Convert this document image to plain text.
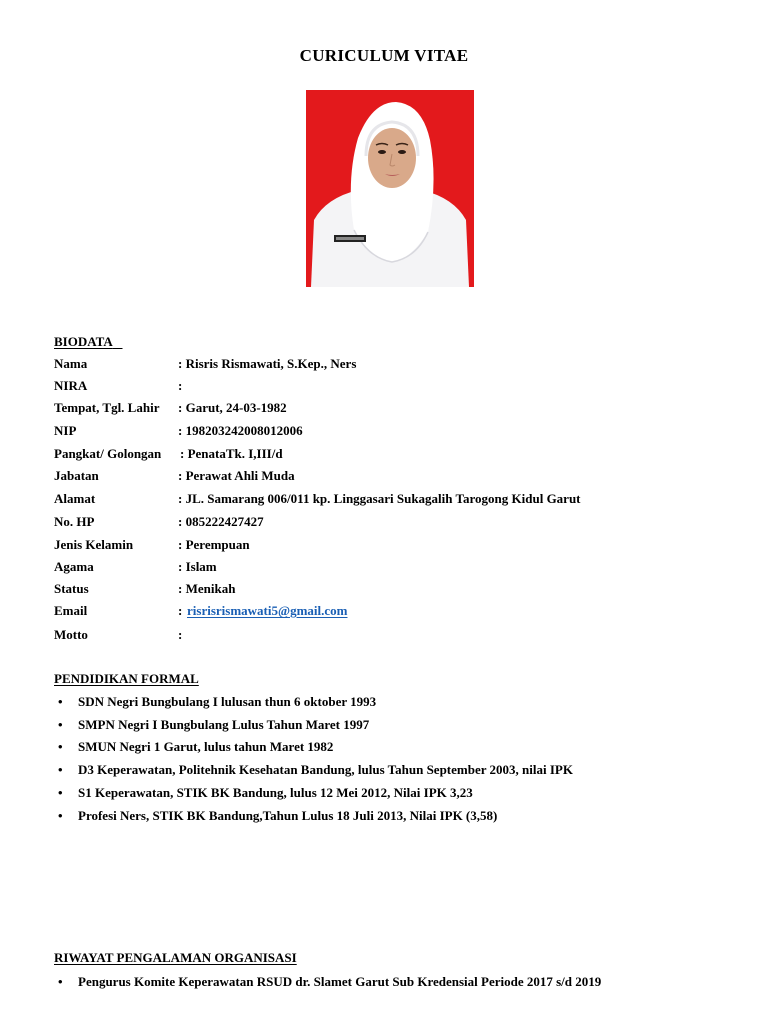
CURICULUM VITAE
BIODATA
Nama	: Risris Rismawati, S.Kep., Ners
NIRA	:
Tempat, Tgl. Lahir : Garut, 24-03-1982
NIP	: 198203242008012006
Pangkat/ Golongan : PenataTk. I,III/d
Jabatan	: Perawat Ahli Muda
Alamat	: JL. Samarang 006/011 kp. Linggasari Sukagalih Tarogong Kidul Garut
No. HP	: 085222427427
Jenis Kelamin	: Perempuan
Agama	: Islam
Status	: Menikah
Email	: risrisrismawati5@gmail.com
Motto	:
PENDIDIKAN FORMAL
• SDN Negri Bungbulang I lulusan thun 6 oktober 1993
• SMPN Negri I Bungbulang Lulus Tahun Maret 1997
• SMUN Negri 1 Garut, lulus tahun Maret 1982
• D3 Keperawatan, Politehnik Kesehatan Bandung, lulus Tahun September 2003, nilai IPK
• S1 Keperawatan, STIK BK Bandung, lulus 12 Mei 2012, Nilai IPK 3,23
• Profesi Ners, STIK BK Bandung,Tahun Lulus 18 Juli 2013, Nilai IPK (3,58)
RIWAYAT PENGALAMAN ORGANISASI
• Pengurus Komite Keperawatan RSUD dr. Slamet Garut Sub Kredensial Periode 2017 s/d 2019
